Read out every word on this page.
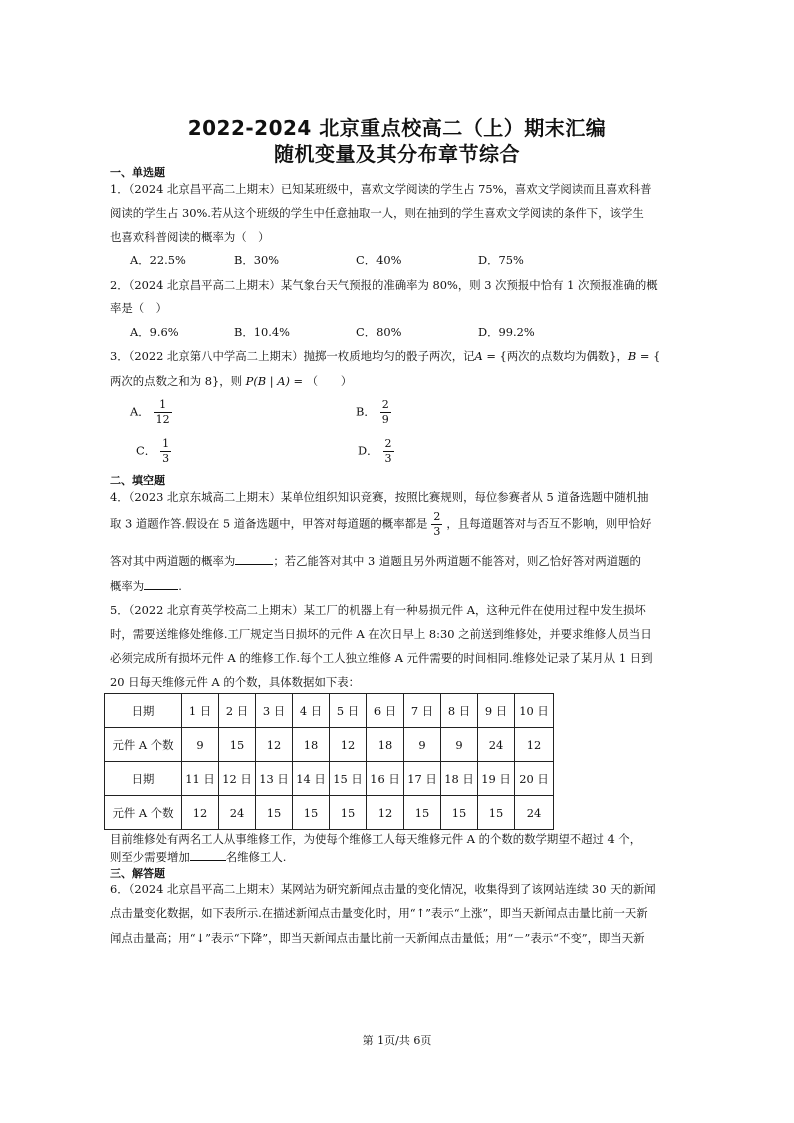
2022-2024 北京重点校高二（上）期末汇编
随机变量及其分布章节综合
一、单选题
1．（2024 北京昌平高二上期末）已知某班级中，喜欢文学阅读的学生占 75%，喜欢文学阅读而且喜欢科普
阅读的学生占 30%.若从这个班级的学生中任意抽取一人，则在抽到的学生喜欢文学阅读的条件下，该学生
也喜欢科普阅读的概率为（　）
A．22.5%	B．30%	C．40%	D．75%
2．（2024 北京昌平高二上期末）某气象台天气预报的准确率为 80%，则 3 次预报中恰有 1 次预报准确的概
率是（　）
A．9.6%	B．10.4%	C．80%	D．99.2%
3．（2022 北京第八中学高二上期末）抛掷一枚质地均匀的骰子两次，记A = {两次的点数均为偶数}，B = {
两次的点数之和为 8}，则 P(B | A) = （　　）
A． $\frac{1}{12}$	B． $\frac{2}{9}$
C． $\frac{1}{3}$	D． $\frac{2}{3}$
二、填空题
4．（2023 北京东城高二上期末）某单位组织知识竞赛，按照比赛规则，每位参赛者从 5 道备选题中随机抽
取 3 道题作答.假设在 5 道备选题中，甲答对每道题的概率都是 $\frac{2}{3}$ ，且每道题答对与否互不影响，则甲恰好
答对其中两道题的概率为	；若乙能答对其中 3 道题且另外两道题不能答对，则乙恰好答对两道题的
概率为	.
5．（2022 北京育英学校高二上期末）某工厂的机器上有一种易损元件 A，这种元件在使用过程中发生损坏
时，需要送维修处维修.工厂规定当日损坏的元件 A 在次日早上 8:30 之前送到维修处，并要求维修人员当日
必须完成所有损坏元件 A 的维修工作.每个工人独立维修 A 元件需要的时间相同.维修处记录了某月从 1 日到
20 日每天维修元件 A 的个数，具体数据如下表：
日期	1 日	2 日	3 日	4 日	5 日	6 日	7 日	8 日	9 日	10 日
元件 A 个数	9	15	12	18	12	18	9	9	24	12
日期	11 日	12 日	13 日	14 日	15 日	16 日	17 日	18 日	19 日	20 日
元件 A 个数	12	24	15	15	15	12	15	15	15	24
目前维修处有两名工人从事维修工作，为使每个维修工人每天维修元件 A 的个数的数学期望不超过 4 个，
则至少需要增加	名维修工人.
三、解答题
6．（2024 北京昌平高二上期末）某网站为研究新闻点击量的变化情况，收集得到了该网站连续 30 天的新闻
点击量变化数据，如下表所示.在描述新闻点击量变化时，用“↑”表示“上涨”，即当天新闻点击量比前一天新
闻点击量高；用“↓”表示“下降”，即当天新闻点击量比前一天新闻点击量低；用“－”表示“不变”，即当天新
第 1页/共 6页
